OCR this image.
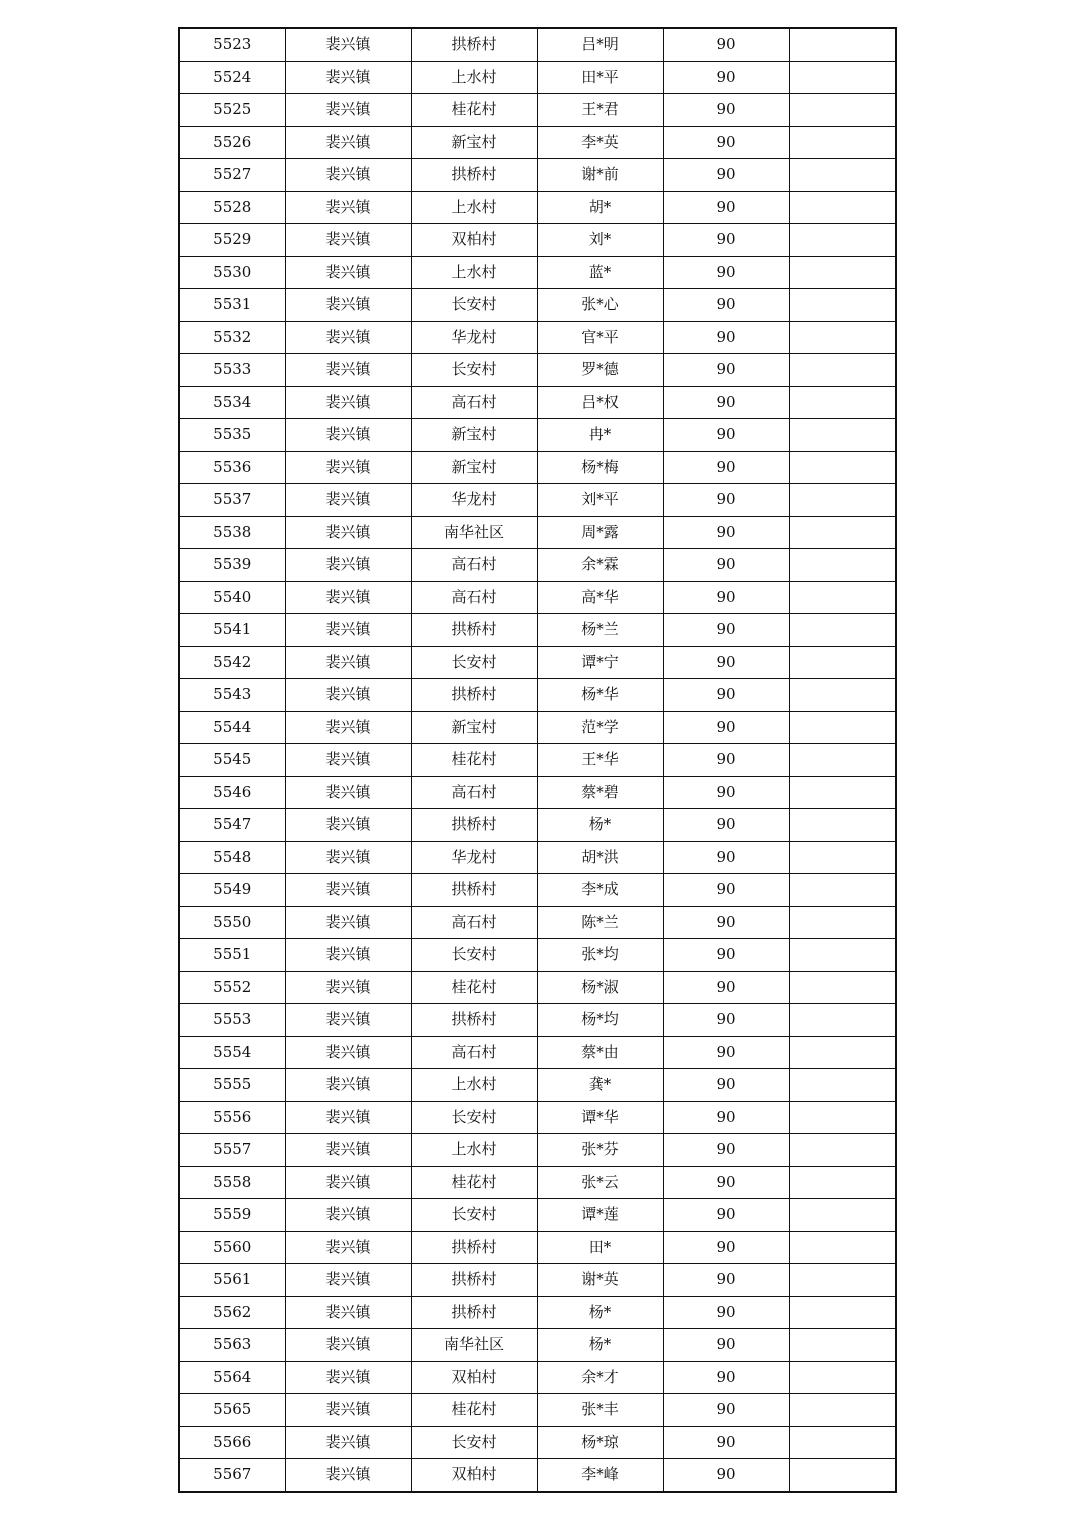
5523	裴兴镇	拱桥村	吕*明	90	
5524	裴兴镇	上水村	田*平	90	
5525	裴兴镇	桂花村	王*君	90	
5526	裴兴镇	新宝村	李*英	90	
5527	裴兴镇	拱桥村	谢*前	90	
5528	裴兴镇	上水村	胡*	90	
5529	裴兴镇	双柏村	刘*	90	
5530	裴兴镇	上水村	蓝*	90	
5531	裴兴镇	长安村	张*心	90	
5532	裴兴镇	华龙村	官*平	90	
5533	裴兴镇	长安村	罗*德	90	
5534	裴兴镇	高石村	吕*权	90	
5535	裴兴镇	新宝村	冉*	90	
5536	裴兴镇	新宝村	杨*梅	90	
5537	裴兴镇	华龙村	刘*平	90	
5538	裴兴镇	南华社区	周*露	90	
5539	裴兴镇	高石村	余*霖	90	
5540	裴兴镇	高石村	高*华	90	
5541	裴兴镇	拱桥村	杨*兰	90	
5542	裴兴镇	长安村	谭*宁	90	
5543	裴兴镇	拱桥村	杨*华	90	
5544	裴兴镇	新宝村	范*学	90	
5545	裴兴镇	桂花村	王*华	90	
5546	裴兴镇	高石村	蔡*碧	90	
5547	裴兴镇	拱桥村	杨*	90	
5548	裴兴镇	华龙村	胡*洪	90	
5549	裴兴镇	拱桥村	李*成	90	
5550	裴兴镇	高石村	陈*兰	90	
5551	裴兴镇	长安村	张*均	90	
5552	裴兴镇	桂花村	杨*淑	90	
5553	裴兴镇	拱桥村	杨*均	90	
5554	裴兴镇	高石村	蔡*由	90	
5555	裴兴镇	上水村	龚*	90	
5556	裴兴镇	长安村	谭*华	90	
5557	裴兴镇	上水村	张*芬	90	
5558	裴兴镇	桂花村	张*云	90	
5559	裴兴镇	长安村	谭*莲	90	
5560	裴兴镇	拱桥村	田*	90	
5561	裴兴镇	拱桥村	谢*英	90	
5562	裴兴镇	拱桥村	杨*	90	
5563	裴兴镇	南华社区	杨*	90	
5564	裴兴镇	双柏村	余*才	90	
5565	裴兴镇	桂花村	张*丰	90	
5566	裴兴镇	长安村	杨*琼	90	
5567	裴兴镇	双柏村	李*峰	90	
